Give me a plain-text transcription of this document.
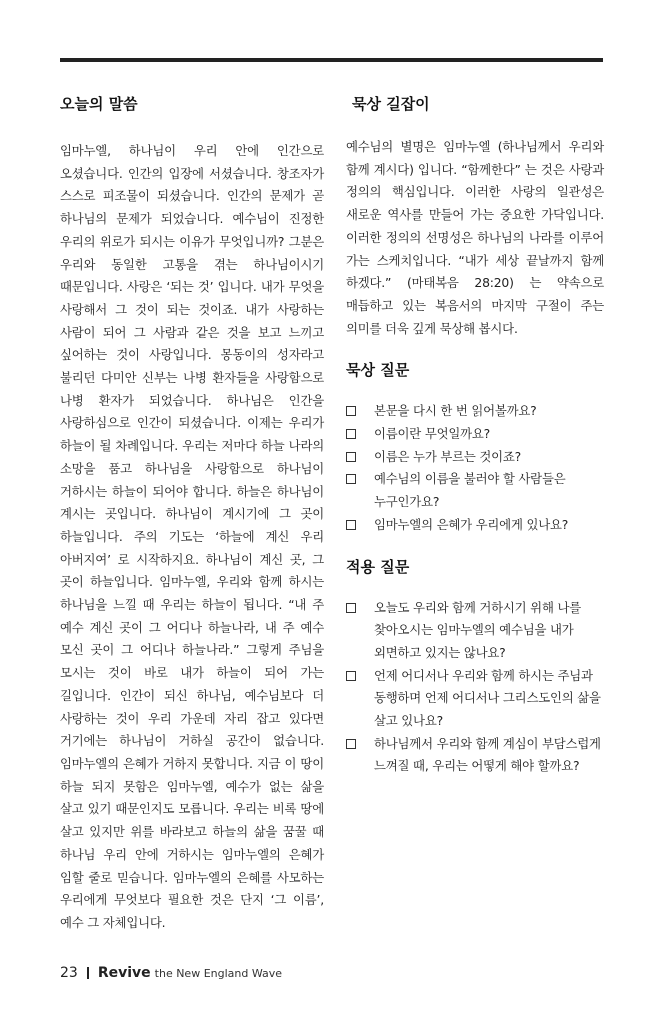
오늘의 말씀
임마누엘, 하나님이 우리 안에 인간으로 오셨습니다. 인간의 입장에 서셨습니다. 창조자가 스스로 피조물이 되셨습니다. 인간의 문제가 곧 하나님의 문제가 되었습니다. 예수님이 진정한 우리의 위로가 되시는 이유가 무엇입니까? 그분은 우리와 동일한 고통을 겪는 하나님이시기 때문입니다. 사랑은 ‘되는 것’ 입니다. 내가 무엇을 사랑해서 그 것이 되는 것이죠. 내가 사랑하는 사람이 되어 그 사람과 같은 것을 보고 느끼고 싶어하는 것이 사랑입니다. 몽동이의 성자라고 불리던 다미안 신부는 나병 환자들을 사랑함으로 나병 환자가 되었습니다. 하나님은 인간을 사랑하심으로 인간이 되셨습니다. 이제는 우리가 하늘이 될 차례입니다. 우리는 저마다 하늘 나라의 소망을 품고 하나님을 사랑함으로 하나님이 거하시는 하늘이 되어야 합니다. 하늘은 하나님이 계시는 곳입니다. 하나님이 계시기에 그 곳이 하늘입니다. 주의 기도는 ‘하늘에 계신 우리 아버지여’ 로 시작하지요. 하나님이 계신 곳, 그 곳이 하늘입니다. 임마누엘, 우리와 함께 하시는 하나님을 느낄 때 우리는 하늘이 됩니다. “내 주 예수 계신 곳이 그 어디나 하늘나라, 내 주 예수 모신 곳이 그 어디나 하늘나라.” 그렇게 주님을 모시는 것이 바로 내가 하늘이 되어 가는 길입니다. 인간이 되신 하나님, 예수님보다 더 사랑하는 것이 우리 가운데 자리 잡고 있다면 거기에는 하나님이 거하실 공간이 없습니다. 임마누엘의 은혜가 거하지 못합니다. 지금 이 땅이 하늘 되지 못함은 임마누엘, 예수가 없는 삶을 살고 있기 때문인지도 모릅니다. 우리는 비록 땅에 살고 있지만 위를 바라보고 하늘의 삶을 꿈꿀 때 하나님 우리 안에 거하시는 임마누엘의 은혜가 임할 줄로 믿습니다. 임마누엘의 은혜를 사모하는 우리에게 무엇보다 필요한 것은 단지 ‘그 이름’, 예수 그 자체입니다.
묵상 길잡이
예수님의 별명은 임마누엘 (하나님께서 우리와 함께 계시다) 입니다. “함께한다” 는 것은 사랑과 정의의 핵심입니다. 이러한 사랑의 일관성은 새로운 역사를 만들어 가는 중요한 가닥입니다. 이러한 정의의 선명성은 하나님의 나라를 이루어 가는 스케치입니다. “내가 세상 끝날까지 함께 하겠다.” (마태복음 28:20) 는 약속으로 매듭하고 있는 복음서의 마지막 구절이 주는 의미를 더욱 깊게 묵상해 봅시다.
묵상 질문
본문을 다시 한 번 읽어볼까요?
이름이란 무엇일까요?
이름은 누가 부르는 것이죠?
예수님의 이름을 불러야 할 사람들은 누구인가요?
임마누엘의 은혜가 우리에게 있나요?
적용 질문
오늘도 우리와 함께 거하시기 위해 나를 찾아오시는 임마누엘의 예수님을 내가 외면하고 있지는 않나요?
언제 어디서나 우리와 함께 하시는 주님과 동행하며 언제 어디서나 그리스도인의 삶을 살고 있나요?
하나님께서 우리와 함께 계심이 부담스럽게 느껴질 때, 우리는 어떻게 해야 할까요?
23 Revive the New England Wave
